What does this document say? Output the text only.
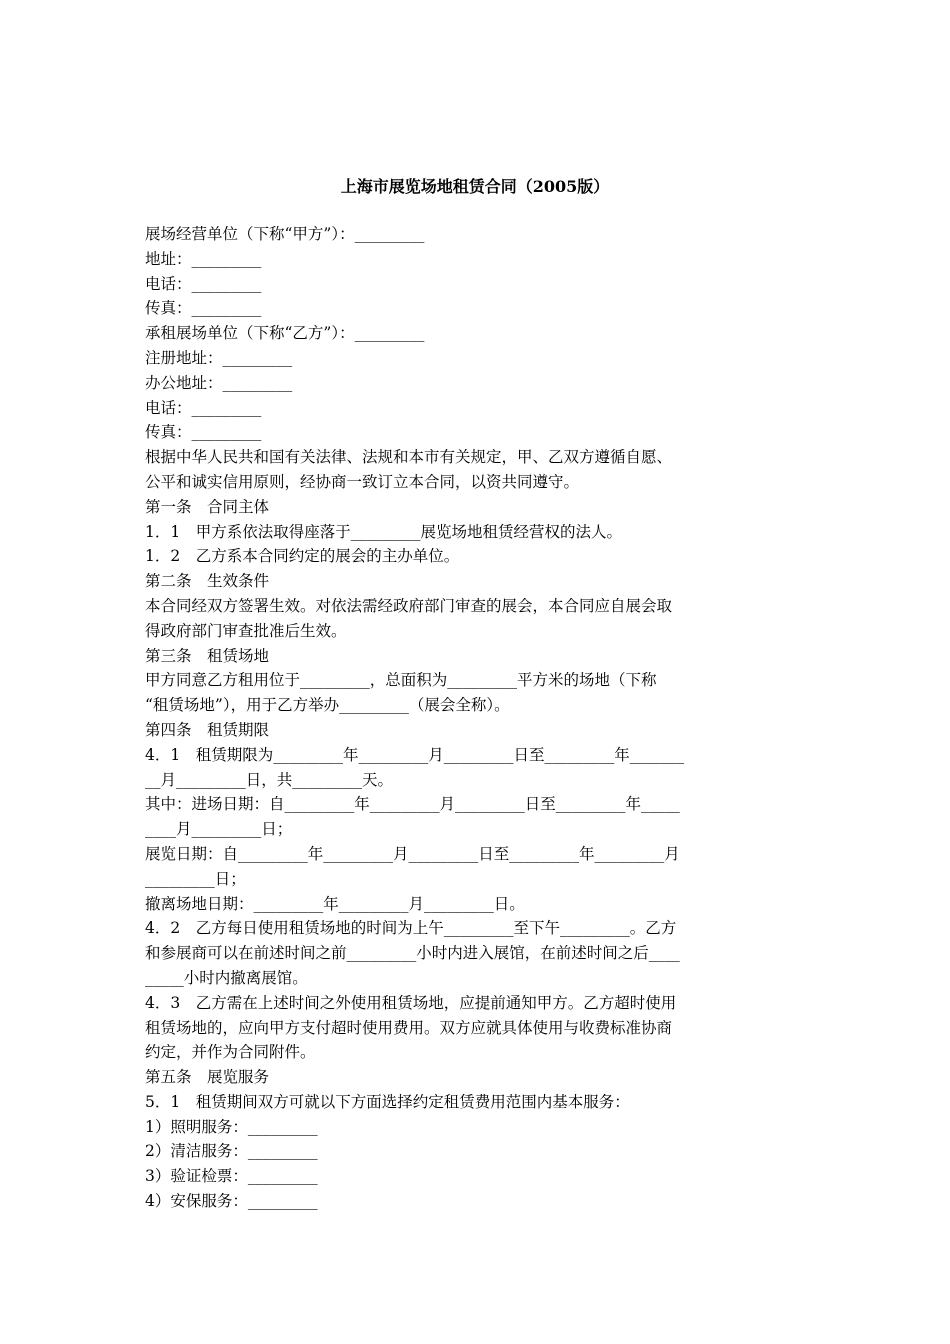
上海市展览场地租赁合同（2005版）
展场经营单位（下称“甲方”）：_________
地址：_________
电话：_________
传真：_________
承租展场单位（下称“乙方”）：_________
注册地址：_________
办公地址：_________
电话：_________
传真：_________
根据中华人民共和国有关法律、法规和本市有关规定，甲、乙双方遵循自愿、
公平和诚实信用原则，经协商一致订立本合同，以资共同遵守。
第一条　合同主体
1．1　甲方系依法取得座落于_________展览场地租赁经营权的法人。
1．2　乙方系本合同约定的展会的主办单位。
第二条　生效条件
本合同经双方签署生效。对依法需经政府部门审查的展会，本合同应自展会取
得政府部门审查批准后生效。
第三条　租赁场地
甲方同意乙方租用位于_________，总面积为_________平方米的场地（下称
“租赁场地”），用于乙方举办_________（展会全称）。
第四条　租赁期限
4．1　租赁期限为_________年_________月_________日至_________年_______
__月_________日，共_________天。
其中：进场日期：自_________年_________月_________日至_________年_____
____月_________日；
展览日期：自_________年_________月_________日至_________年_________月
_________日；
撤离场地日期：_________年_________月_________日。
4．2　乙方每日使用租赁场地的时间为上午_________至下午_________。乙方
和参展商可以在前述时间之前_________小时内进入展馆，在前述时间之后____
_____小时内撤离展馆。
4．3　乙方需在上述时间之外使用租赁场地，应提前通知甲方。乙方超时使用
租赁场地的，应向甲方支付超时使用费用。双方应就具体使用与收费标准协商
约定，并作为合同附件。
第五条　展览服务
5．1　租赁期间双方可就以下方面选择约定租赁费用范围内基本服务：
1）照明服务：_________
2）清洁服务：_________
3）验证检票：_________
4）安保服务：_________
